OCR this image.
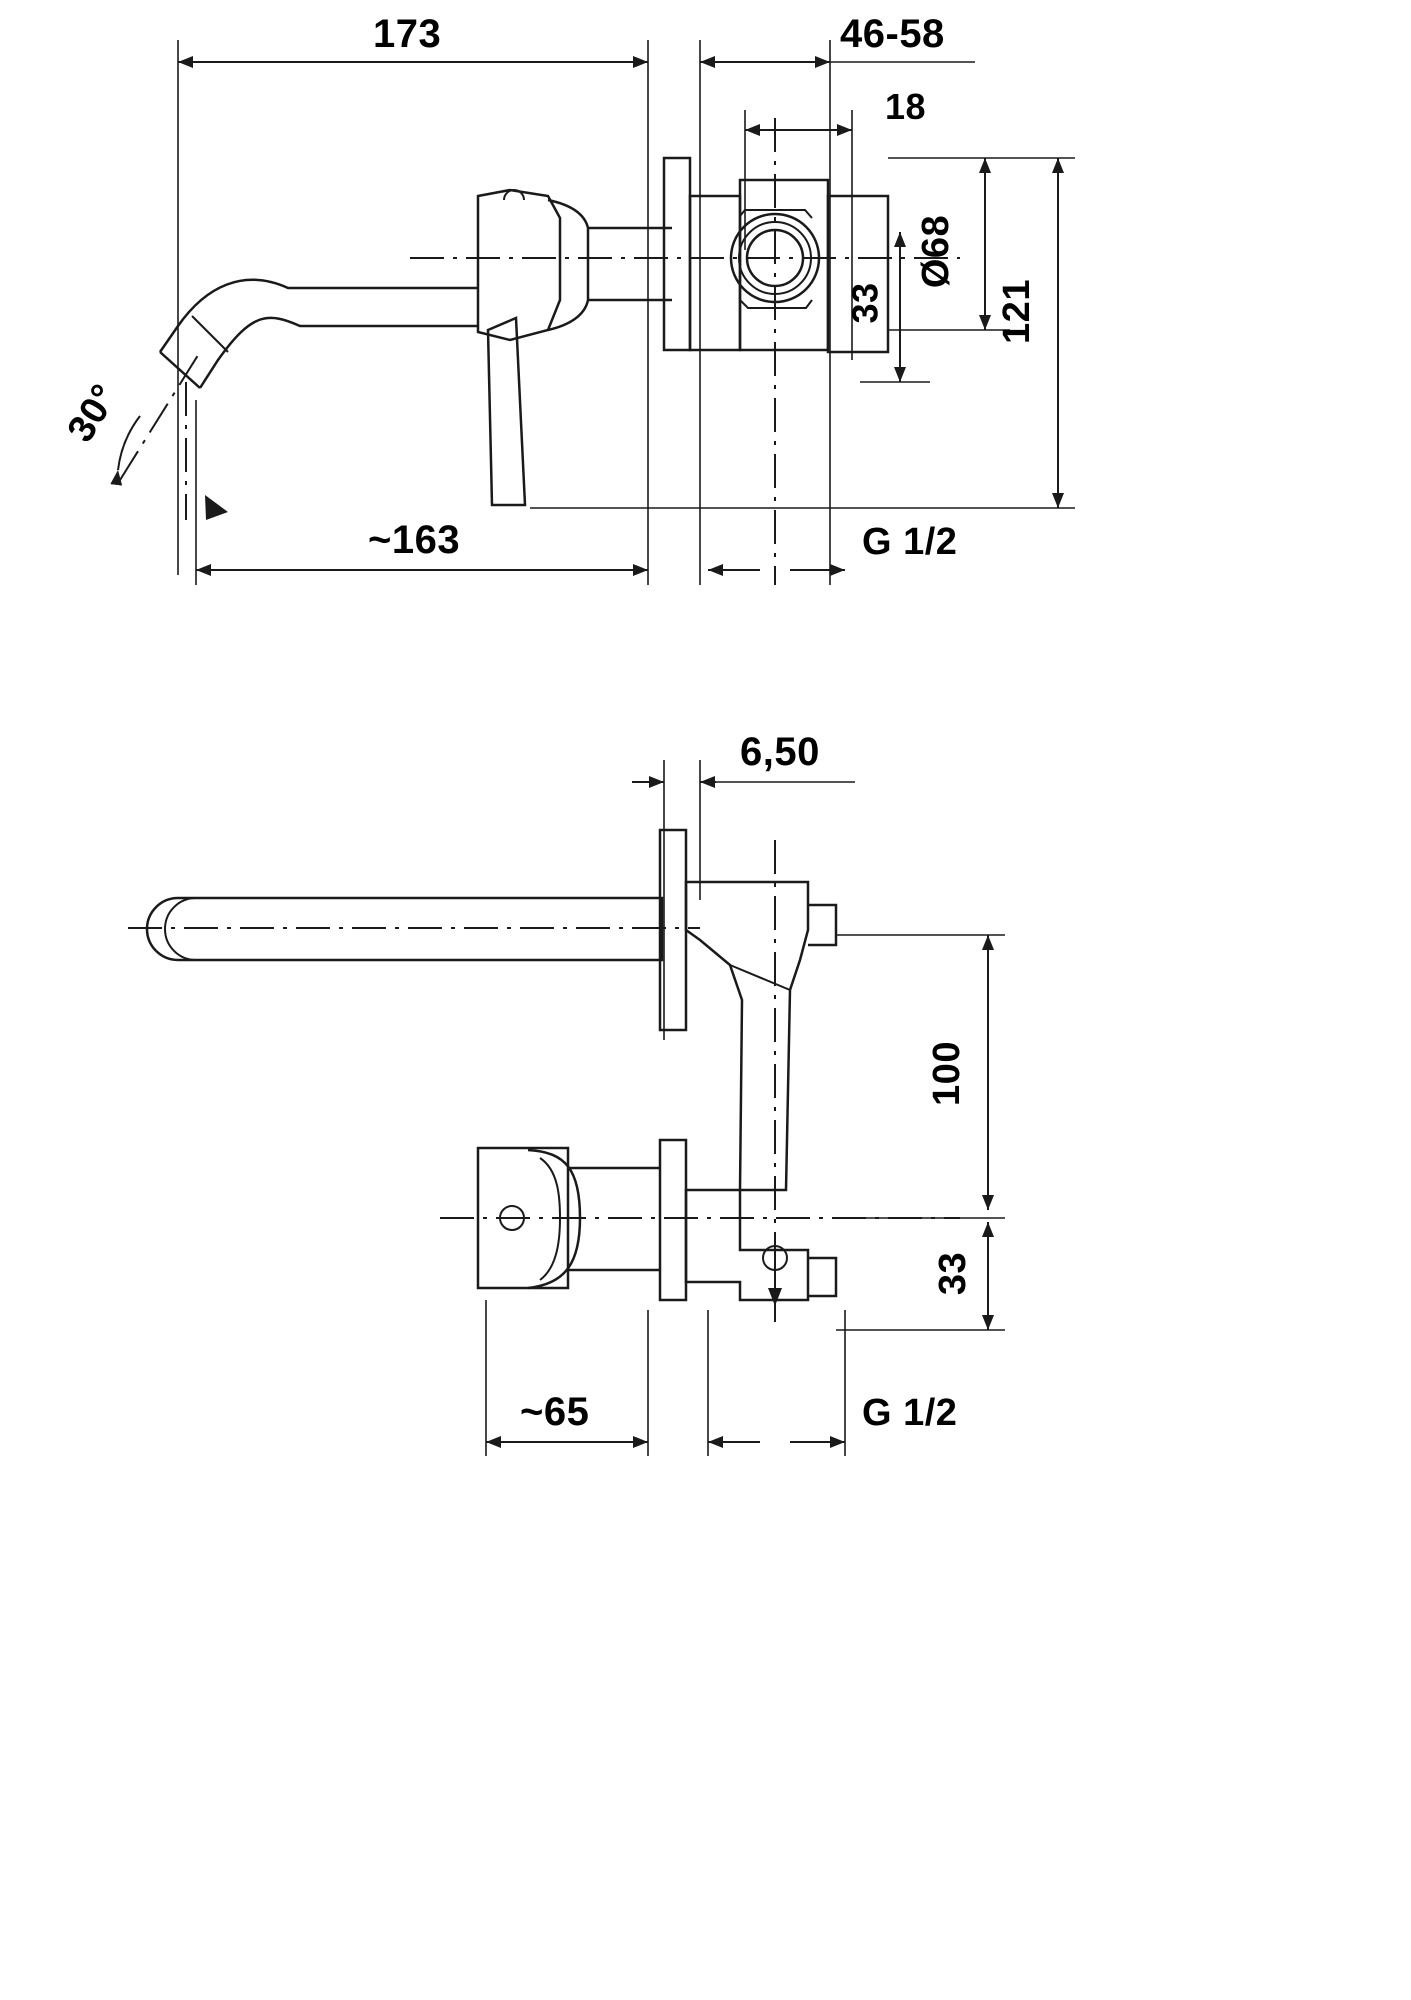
173	46-58
18
Ø68
121
33
~163
30°
G 1/2
6,50
100
33
~65	G 1/2
